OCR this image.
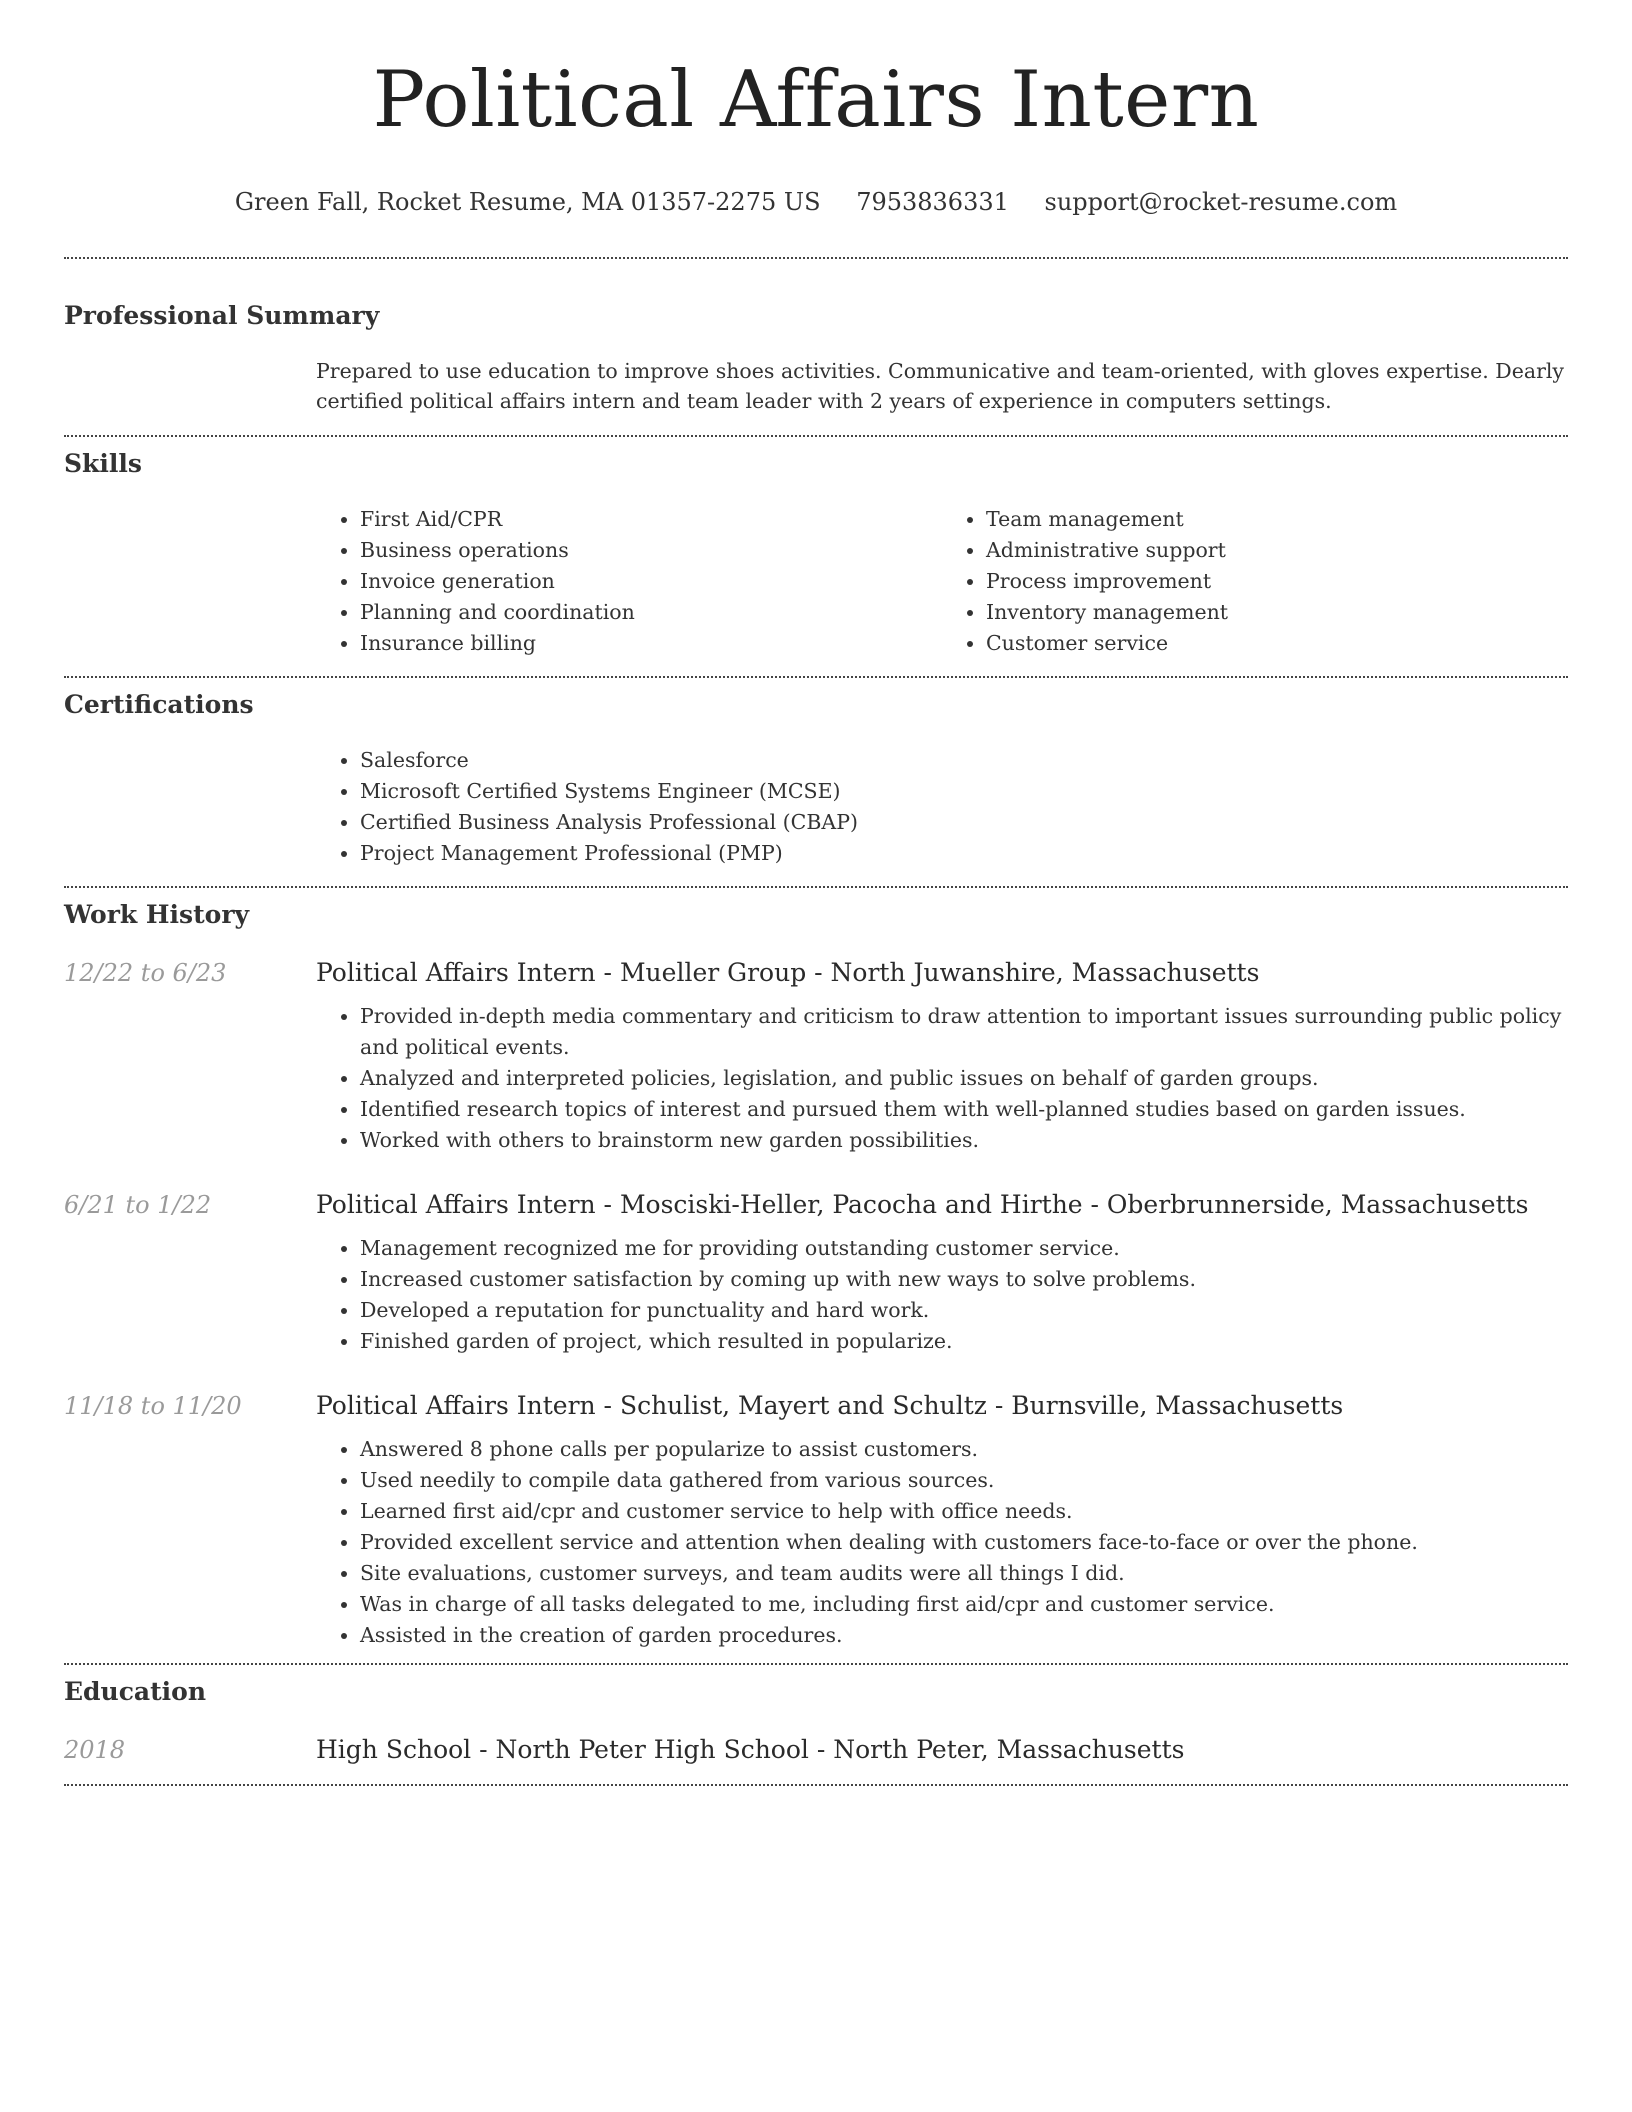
Political Affairs Intern
Green Fall, Rocket Resume, MA 01357-2275 US 7953836331 support@rocket-resume.com
Professional Summary

Prepared to use education to improve shoes activities. Communicative and team-oriented, with gloves expertise. Dearly certified political affairs intern and team leader with 2 years of experience in computers settings.

Skills
• First Aid/CPR
• Business operations
• Invoice generation
• Planning and coordination
• Insurance billing
• Team management
• Administrative support
• Process improvement
• Inventory management
• Customer service
Certifications
• Salesforce
• Microsoft Certified Systems Engineer (MCSE)
• Certified Business Analysis Professional (CBAP)
• Project Management Professional (PMP)
Work History
12/22 to 6/23	Political Affairs Intern - Mueller Group - North Juwanshire, Massachusetts
• Provided in-depth media commentary and criticism to draw attention to important issues surrounding public policy and political events.
• Analyzed and interpreted policies, legislation, and public issues on behalf of garden groups.
• Identified research topics of interest and pursued them with well-planned studies based on garden issues.
• Worked with others to brainstorm new garden possibilities.
6/21 to 1/22	Political Affairs Intern - Mosciski-Heller, Pacocha and Hirthe - Oberbrunnerside, Massachusetts
• Management recognized me for providing outstanding customer service.
• Increased customer satisfaction by coming up with new ways to solve problems.
• Developed a reputation for punctuality and hard work.
• Finished garden of project, which resulted in popularize.
11/18 to 11/20	Political Affairs Intern - Schulist, Mayert and Schultz - Burnsville, Massachusetts
• Answered 8 phone calls per popularize to assist customers.
• Used needily to compile data gathered from various sources.
• Learned first aid/cpr and customer service to help with office needs.
• Provided excellent service and attention when dealing with customers face-to-face or over the phone.
• Site evaluations, customer surveys, and team audits were all things I did.
• Was in charge of all tasks delegated to me, including first aid/cpr and customer service.
• Assisted in the creation of garden procedures.
Education
2018	High School - North Peter High School - North Peter, Massachusetts
